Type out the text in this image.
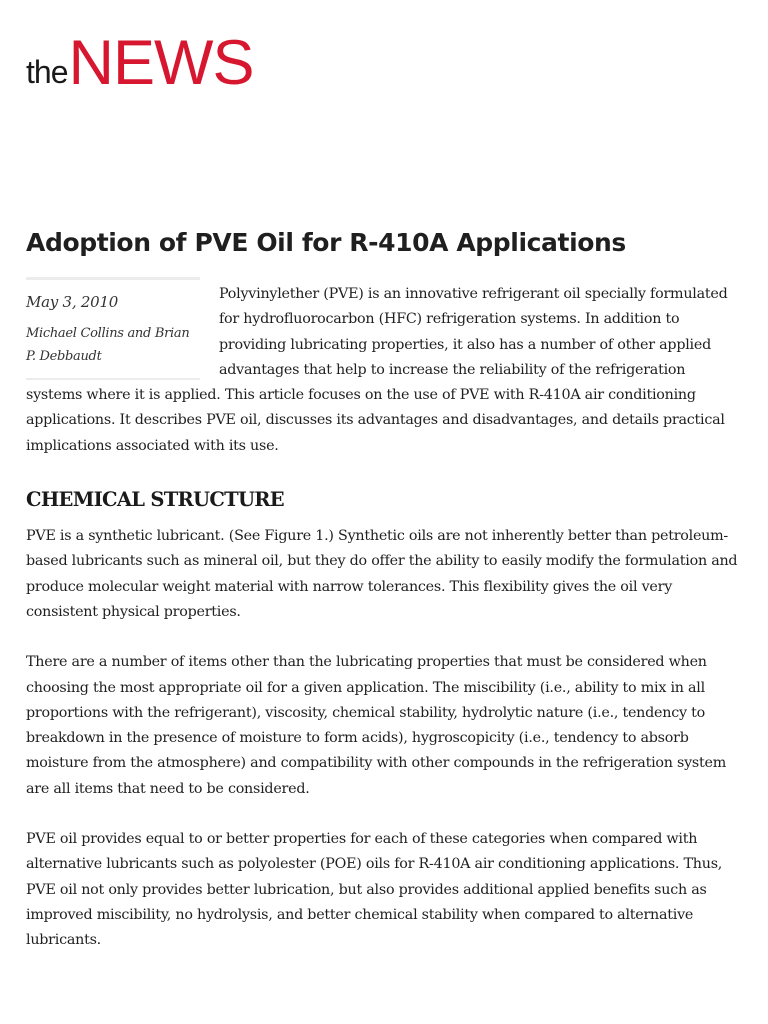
the NEWS
Adoption of PVE Oil for R-410A Applications
May 3, 2010
Michael Collins and Brian P. Debbaudt

Polyvinylether (PVE) is an innovative refrigerant oil specially formulated for hydrofluorocarbon (HFC) refrigeration systems. In addition to providing lubricating properties, it also has a number of other applied advantages that help to increase the reliability of the refrigeration systems where it is applied. This article focuses on the use of PVE with R-410A air conditioning applications. It describes PVE oil, discusses its advantages and disadvantages, and details practical implications associated with its use.

CHEMICAL STRUCTURE

PVE is a synthetic lubricant. (See Figure 1.) Synthetic oils are not inherently better than petroleum-based lubricants such as mineral oil, but they do offer the ability to easily modify the formulation and produce molecular weight material with narrow tolerances. This flexibility gives the oil very consistent physical properties.

There are a number of items other than the lubricating properties that must be considered when choosing the most appropriate oil for a given application. The miscibility (i.e., ability to mix in all proportions with the refrigerant), viscosity, chemical stability, hydrolytic nature (i.e., tendency to breakdown in the presence of moisture to form acids), hygroscopicity (i.e., tendency to absorb moisture from the atmosphere) and compatibility with other compounds in the refrigeration system are all items that need to be considered.

PVE oil provides equal to or better properties for each of these categories when compared with alternative lubricants such as polyolester (POE) oils for R-410A air conditioning applications. Thus, PVE oil not only provides better lubrication, but also provides additional applied benefits such as improved miscibility, no hydrolysis, and better chemical stability when compared to alternative lubricants.
